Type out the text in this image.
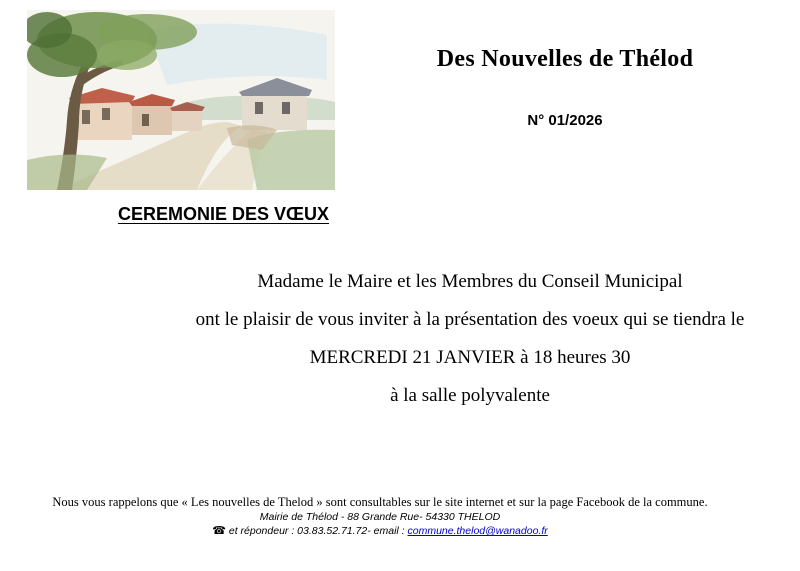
Des Nouvelles de Thélod
N° 01/2026
CEREMONIE DES VŒUX
Madame le Maire et les Membres du Conseil Municipal
ont le plaisir de vous inviter à la présentation des voeux qui se tiendra le
MERCREDI 21 JANVIER à 18 heures 30
à la salle polyvalente
Nous vous rappelons que « Les nouvelles de Thelod » sont consultables sur le site internet et sur la page Facebook de la commune.
Mairie de Thélod - 88 Grande Rue- 54330 THELOD
☎ et répondeur : 03.83.52.71.72- email : commune.thelod@wanadoo.fr
